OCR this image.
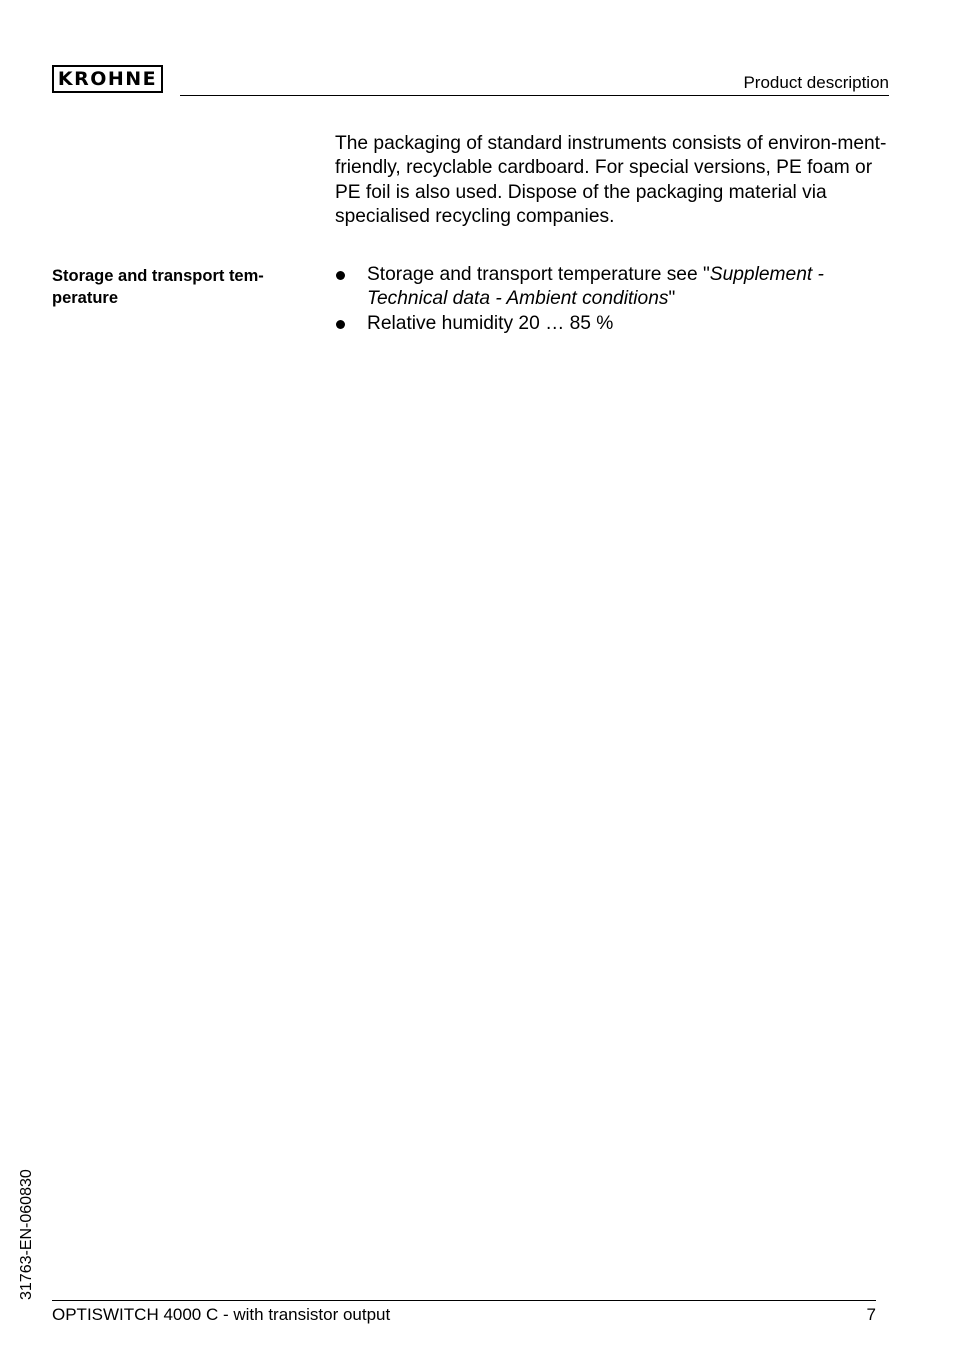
KROHNE	Product description

The packaging of standard instruments consists of environ-ment-friendly, recyclable cardboard. For special versions, PE foam or PE foil is also used. Dispose of the packaging material via specialised recycling companies.

Storage and transport tem-
perature
Storage and transport temperature see "Supplement - Technical data - Ambient conditions"
Relative humidity 20 … 85 %
31763-EN-060830
OPTISWITCH 4000 C - with transistor output	7
